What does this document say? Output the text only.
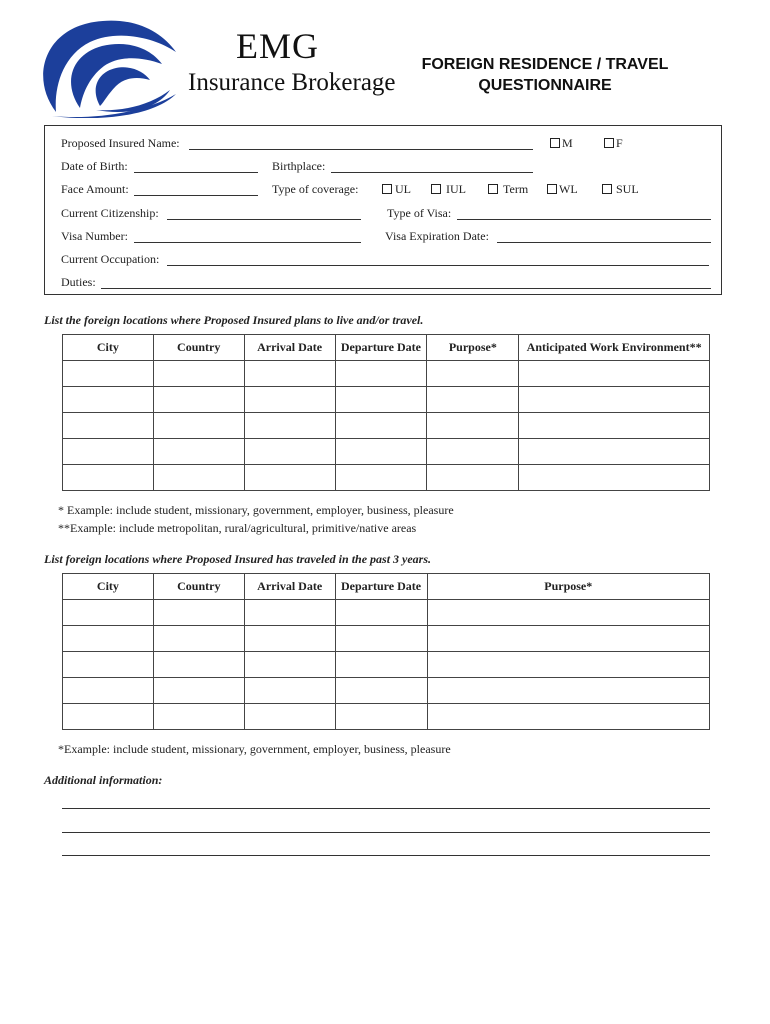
EMG
Insurance Brokerage
FOREIGN RESIDENCE / TRAVEL
QUESTIONNAIRE
Proposed Insured Name:	M	F
Date of Birth:	Birthplace:
Face Amount:	Type of coverage:	UL	IUL	Term	WL	SUL
Current Citizenship:	Type of Visa:
Visa Number:	Visa Expiration Date:
Current Occupation:
Duties:
List the foreign locations where Proposed Insured plans to live and/or travel.
City	Country	Arrival Date	Departure Date	Purpose*	Anticipated Work Environment**

* Example: include student, missionary, government, employer, business, pleasure
**Example: include metropolitan, rural/agricultural, primitive/native areas
List foreign locations where Proposed Insured has traveled in the past 3 years.
City	Country	Arrival Date	Departure Date	Purpose*

*Example: include student, missionary, government, employer, business, pleasure
Additional information:
